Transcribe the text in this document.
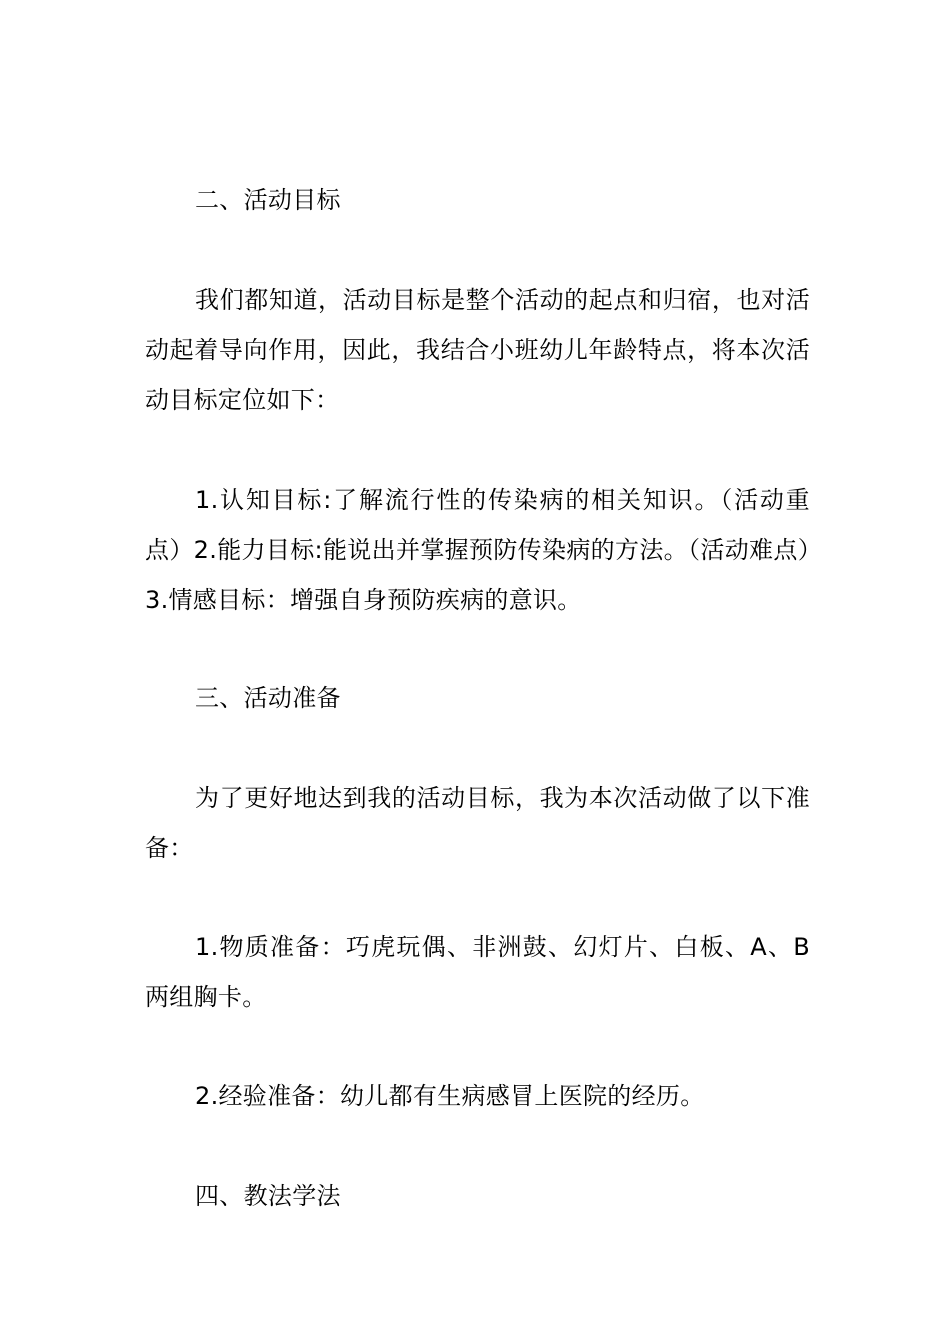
二、活动目标

我们都知道，活动目标是整个活动的起点和归宿，也对活动起着导向作用，因此，我结合小班幼儿年龄特点，将本次活动目标定位如下：

1.认知目标:了解流行性的传染病的相关知识。（活动重点）2.能力目标:能说出并掌握预防传染病的方法。（活动难点）3.情感目标：增强自身预防疾病的意识。

三、活动准备

为了更好地达到我的活动目标，我为本次活动做了以下准备：

1.物质准备：巧虎玩偶、非洲鼓、幻灯片、白板、A、B两组胸卡。

2.经验准备：幼儿都有生病感冒上医院的经历。

四、教法学法
